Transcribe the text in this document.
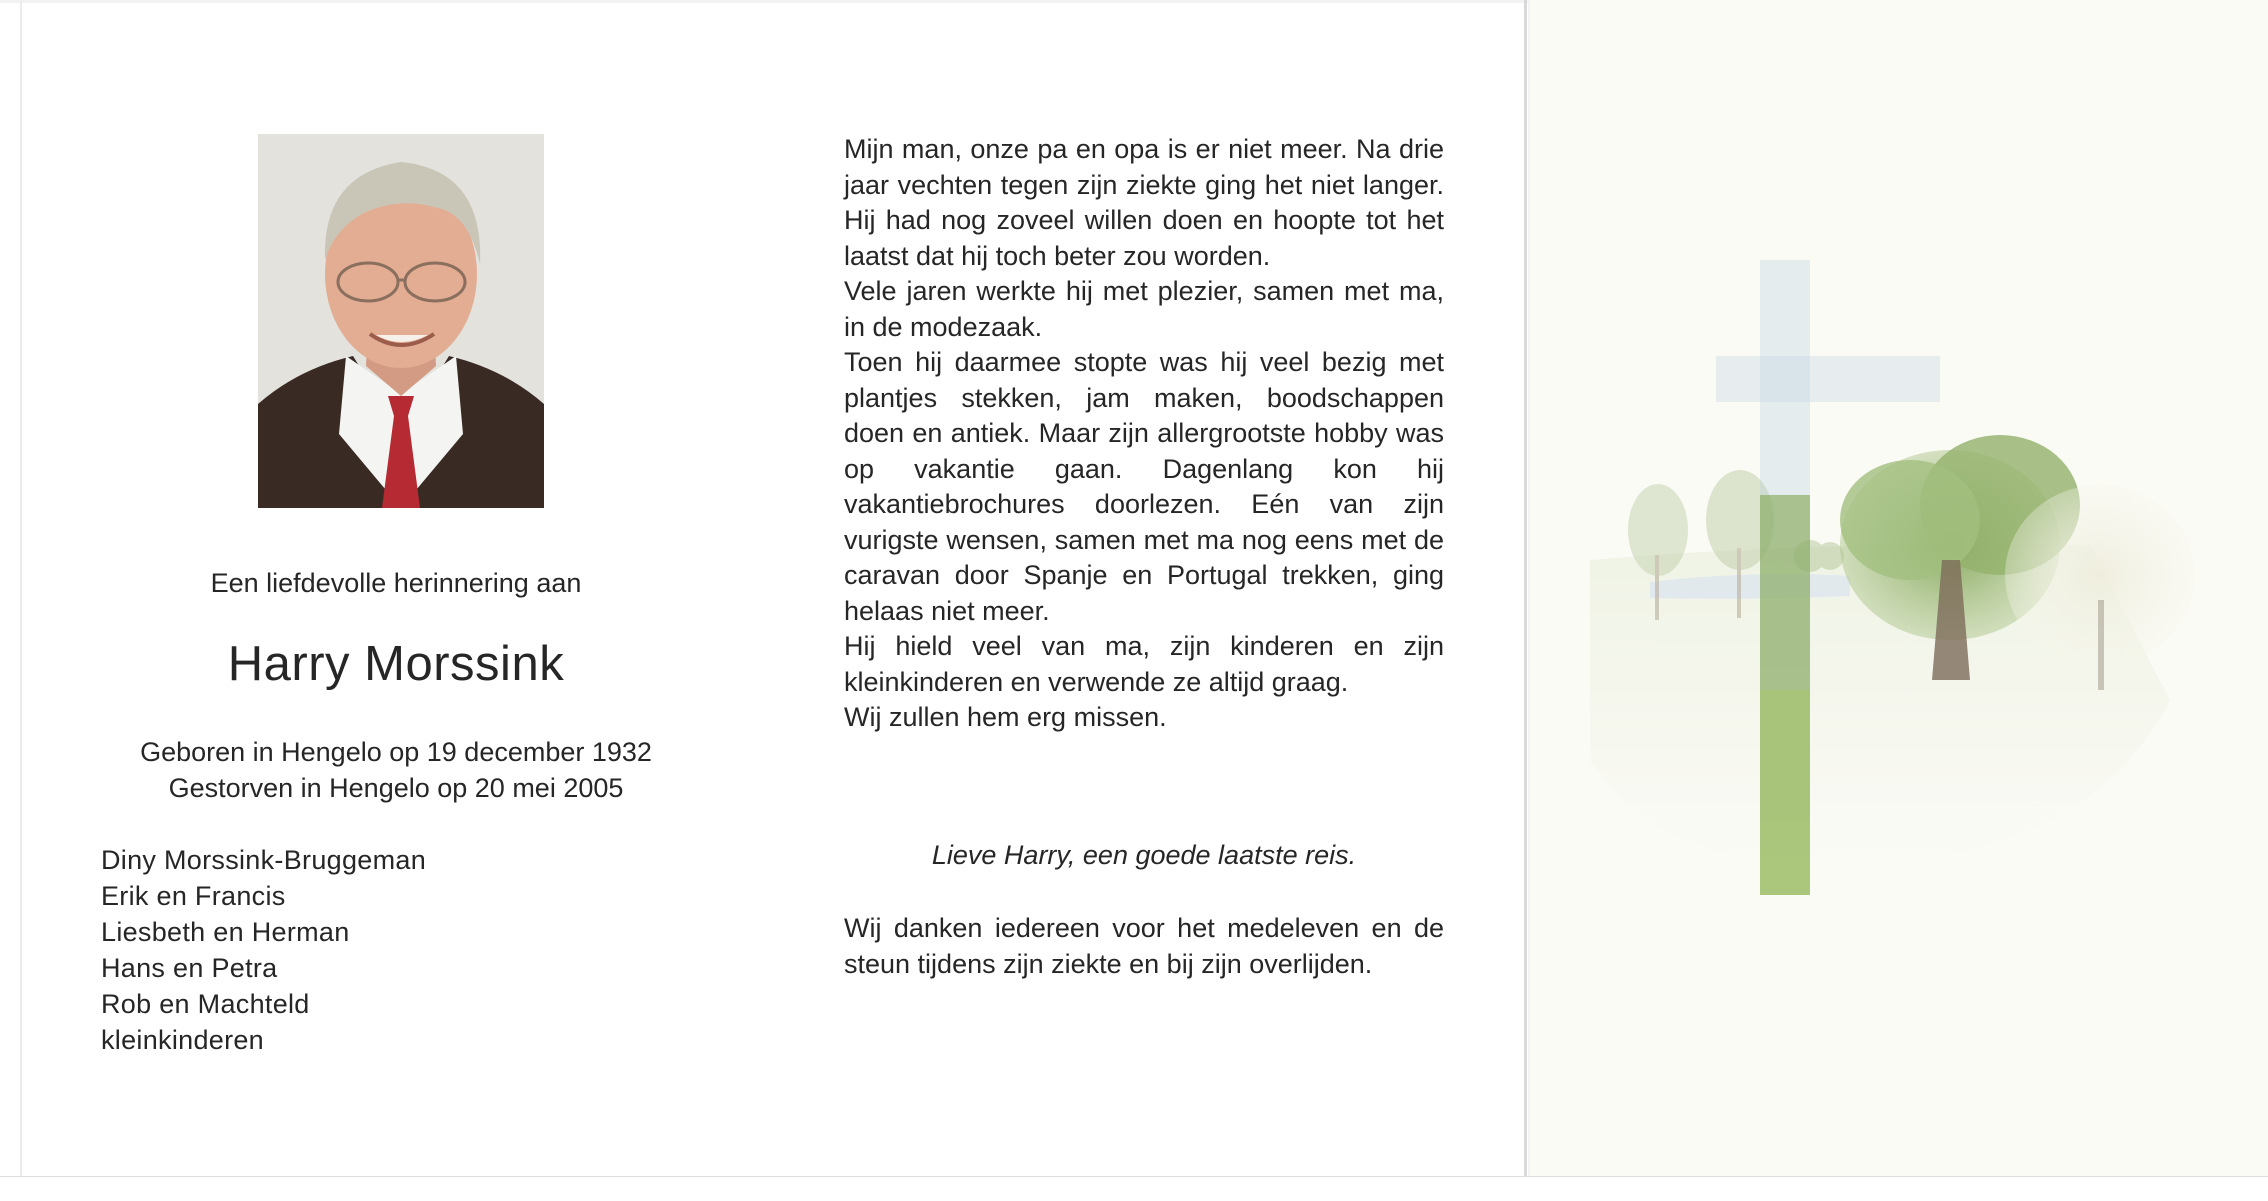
Een liefdevolle herinnering aan
Harry Morssink
Geboren in Hengelo op 19 december 1932
Gestorven in Hengelo op 20 mei 2005
Diny Morssink-Bruggeman
Erik en Francis
Liesbeth en Herman
Hans en Petra
Rob en Machteld
kleinkinderen

Mijn man, onze pa en opa is er niet meer. Na drie jaar vechten tegen zijn ziekte ging het niet langer. Hij had nog zoveel willen doen en hoopte tot het laatst dat hij toch beter zou worden.

Vele jaren werkte hij met plezier, samen met ma, in de modezaak.

Toen hij daarmee stopte was hij veel bezig met plantjes stekken, jam maken, boodschappen doen en antiek. Maar zijn allergrootste hobby was op vakantie gaan. Dagenlang kon hij vakantiebrochures doorlezen. Eén van zijn vurigste wensen, samen met ma nog eens met de caravan door Spanje en Portugal trekken, ging helaas niet meer.

Hij hield veel van ma, zijn kinderen en zijn kleinkinderen en verwende ze altijd graag.

Wij zullen hem erg missen.

Lieve Harry, een goede laatste reis.
Wij danken iedereen voor het medeleven en de steun tijdens zijn ziekte en bij zijn overlijden.
